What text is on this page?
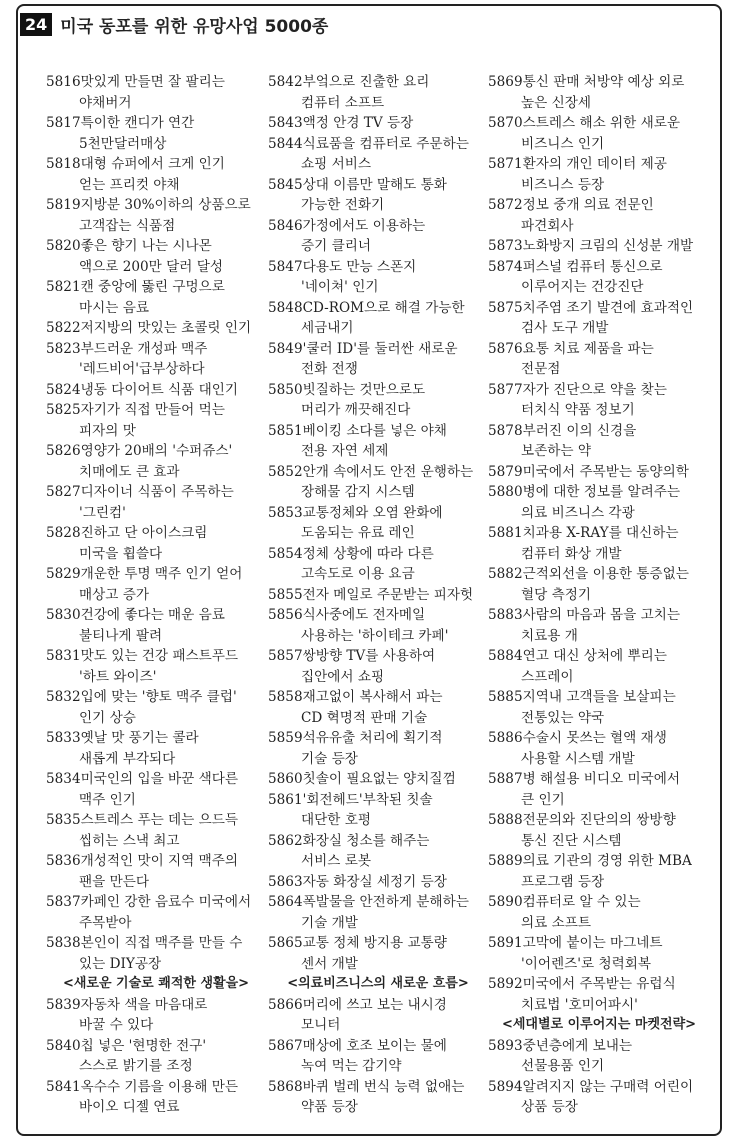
24 미국 동포를 위한 유망사업 5000종
5816 맛있게 만들면 잘 팔리는
야채버거
5817 특이한 캔디가 연간
5천만달러매상
5818 대형 슈퍼에서 크게 인기
얻는 프리컷 야채
5819 지방분 30%이하의 상품으로
고객잡는 식품점
5820 좋은 향기 나는 시나몬
액으로 200만 달러 달성
5821 캔 중앙에 뚫린 구멍으로
마시는 음료
5822 저지방의 맛있는 초콜릿 인기
5823 부드러운 개성파 맥주
'레드비어'급부상하다
5824 냉동 다이어트 식품 대인기
5825 자기가 직접 만들어 먹는
피자의 맛
5826 영양가 20배의 '수퍼쥬스'
치매에도 큰 효과
5827 디자이너 식품이 주목하는
'그린컴'
5828 진하고 단 아이스크림
미국을 휩쓸다
5829 개운한 투명 맥주 인기 얻어
매상고 증가
5830 건강에 좋다는 매운 음료
불티나게 팔려
5831 맛도 있는 건강 패스트푸드
'하트 와이즈'
5832 입에 맞는 '향토 맥주 클럽'
인기 상승
5833 옛날 맛 풍기는 콜라
새롭게 부각되다
5834 미국인의 입을 바꾼 색다른
맥주 인기
5835 스트레스 푸는 데는 으드득
씹히는 스낵 최고
5836 개성적인 맛이 지역 맥주의
팬을 만든다
5837 카페인 강한 음료수 미국에서
주목받아
5838 본인이 직접 맥주를 만들 수
있는 DIY공장
<새로운 기술로 쾌적한 생활을>
5839 자동차 색을 마음대로
바꿀 수 있다
5840 칩 넣은 '현명한 전구'
스스로 밝기를 조정
5841 옥수수 기름을 이용해 만든
바이오 디젤 연료
5842 부엌으로 진출한 요리
컴퓨터 소프트
5843 액정 안경 TV 등장
5844 식료품을 컴퓨터로 주문하는
쇼핑 서비스
5845 상대 이름만 말해도 통화
가능한 전화기
5846 가정에서도 이용하는
증기 클리너
5847 다용도 만능 스폰지
'네이쳐' 인기
5848 CD-ROM으로 해결 가능한
세금내기
5849 '쿨러 ID'를 둘러싼 새로운
전화 전쟁
5850 빗질하는 것만으로도
머리가 깨끗해진다
5851 베이킹 소다를 넣은 야채
전용 자연 세제
5852 안개 속에서도 안전 운행하는
장해물 감지 시스템
5853 교통정체와 오염 완화에
도움되는 유료 레인
5854 정체 상황에 따라 다른
고속도로 이용 요금
5855 전자 메일로 주문받는 피자헛
5856 식사중에도 전자메일
사용하는 '하이테크 카페'
5857 쌍방향 TV를 사용하여
집안에서 쇼핑
5858 재고없이 복사해서 파는
CD 혁명적 판매 기술
5859 석유유출 처리에 획기적
기술 등장
5860 칫솔이 필요없는 양치질껌
5861 '회전헤드'부착된 칫솔
대단한 호평
5862 화장실 청소를 해주는
서비스 로봇
5863 자동 화장실 세정기 등장
5864 폭발물을 안전하게 분해하는
기술 개발
5865 교통 정체 방지용 교통량
센서 개발
<의료비즈니스의 새로운 흐름>
5866 머리에 쓰고 보는 내시경
모니터
5867 매상에 호조 보이는 물에
녹여 먹는 감기약
5868 바퀴 벌레 번식 능력 없애는
약품 등장
5869 통신 판매 처방약 예상 외로
높은 신장세
5870 스트레스 해소 위한 새로운
비즈니스 인기
5871 환자의 개인 데이터 제공
비즈니스 등장
5872 정보 중개 의료 전문인
파견회사
5873 노화방지 크림의 신성분 개발
5874 퍼스널 컴퓨터 통신으로
이루어지는 건강진단
5875 치주염 조기 발견에 효과적인
검사 도구 개발
5876 요통 치료 제품을 파는
전문점
5877 자가 진단으로 약을 찾는
터치식 약품 정보기
5878 부러진 이의 신경을
보존하는 약
5879 미국에서 주목받는 동양의학
5880 병에 대한 정보를 알려주는
의료 비즈니스 각광
5881 치과용 X-RAY를 대신하는
컴퓨터 화상 개발
5882 근적외선을 이용한 통증없는
혈당 측정기
5883 사람의 마음과 몸을 고치는
치료용 개
5884 연고 대신 상처에 뿌리는
스프레이
5885 지역내 고객들을 보살피는
전통있는 약국
5886 수술시 못쓰는 혈액 재생
사용할 시스템 개발
5887 병 해설용 비디오 미국에서
큰 인기
5888 전문의와 진단의의 쌍방향
통신 진단 시스템
5889 의료 기관의 경영 위한 MBA
프로그램 등장
5890 컴퓨터로 알 수 있는
의료 소프트
5891 고막에 붙이는 마그네트
'이어렌즈'로 청력회복
5892 미국에서 주목받는 유럽식
치료법 '호미어파시'
<세대별로 이루어지는 마켓전략>
5893 중년층에게 보내는
선물용품 인기
5894 알려지지 않는 구매력 어린이
상품 등장
